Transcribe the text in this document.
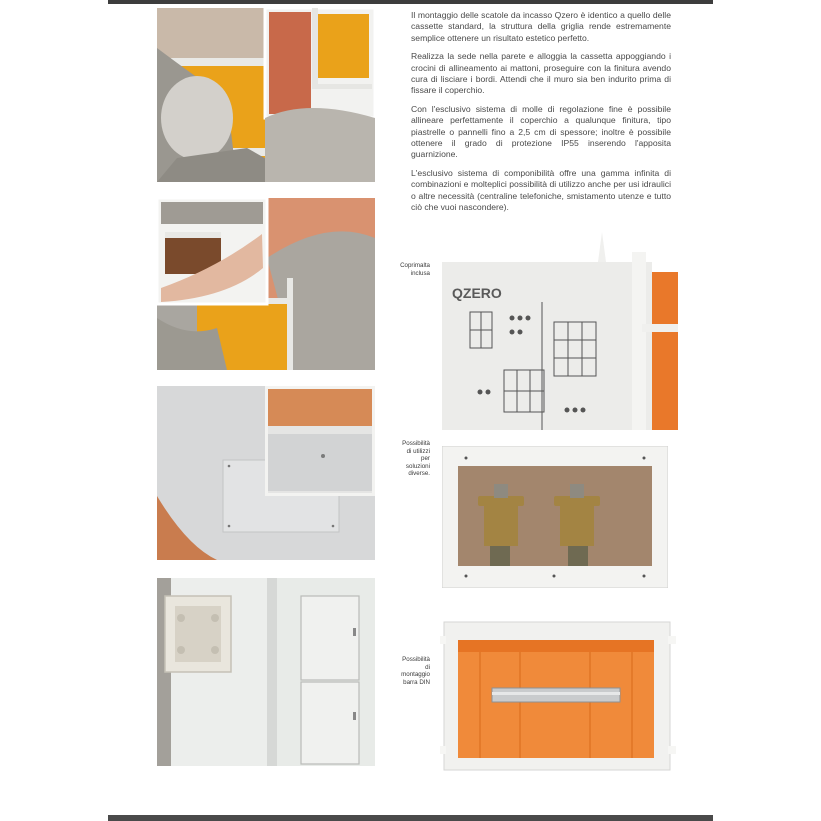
Il montaggio delle scatole da incasso Qzero è identico a quello delle cassette standard, la struttura della griglia rende estremamente semplice ottenere un risultato estetico perfetto.

Realizza la sede nella parete e alloggia la cassetta appoggiando i crocini di allineamento ai mattoni, proseguire con la finitura avendo cura di lisciare i bordi. Attendi che il muro sia ben indurito prima di fissare il coperchio.

Con l'esclusivo sistema di molle di regolazione fine è possibile allineare perfettamente il coperchio a qualunque finitura, tipo piastrelle o pannelli fino a 2,5 cm di spessore; inoltre è possibile ottenere il grado di protezione IP55 inserendo l'apposita guarnizione.

L'esclusivo sistema di componibilità offre una gamma infinita di combinazioni e molteplici possibilità di utilizzo anche per usi idraulici o altre necessità (centraline telefoniche, smistamento utenze e tutto ciò che vuoi nascondere).

Coprimalta inclusa
Possibilità di utilizzi per soluzioni diverse.
Possibilità di montaggio barra DIN
QZERO
